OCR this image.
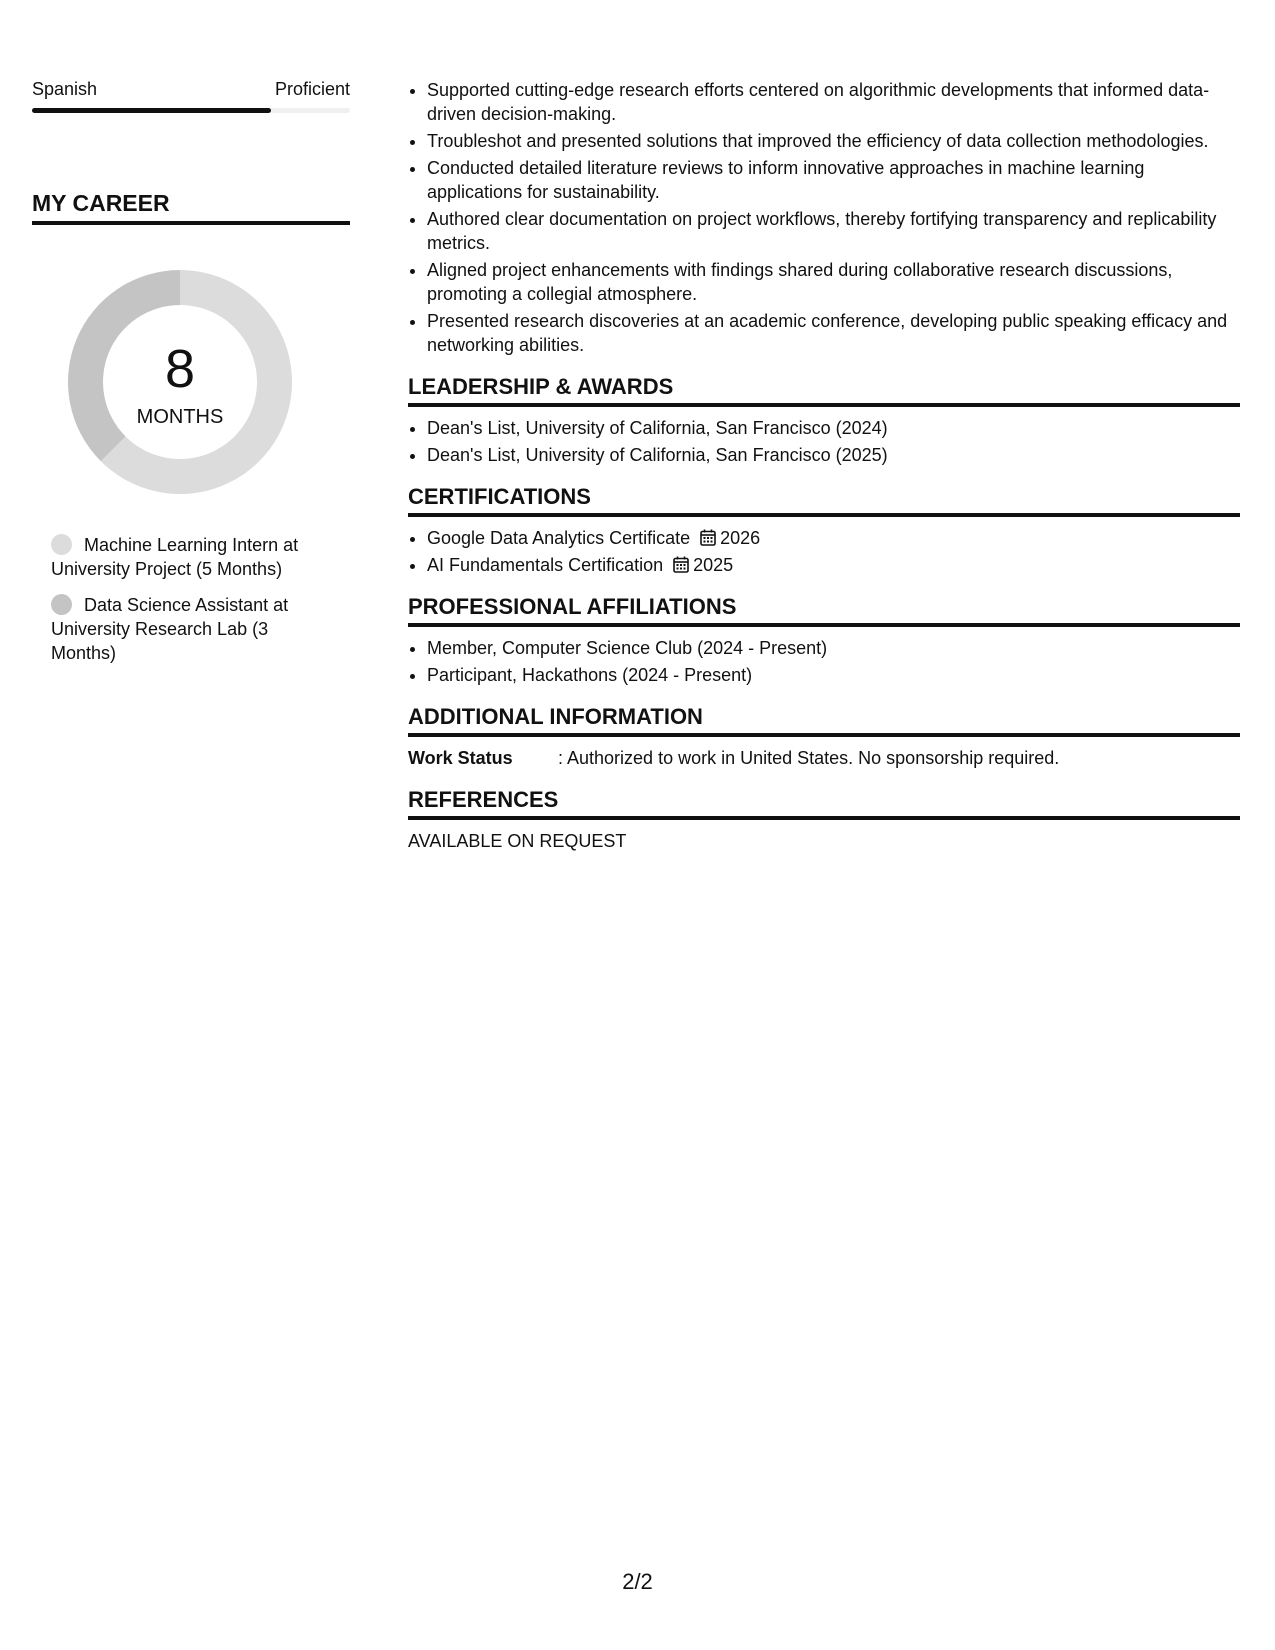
Spanish	Proficient
MY CAREER
8
MONTHS
Machine Learning Intern at University Project (5 Months)
Data Science Assistant at University Research Lab (3 Months)
• Supported cutting-edge research efforts centered on algorithmic developments that informed data-driven decision-making.
• Troubleshot and presented solutions that improved the efficiency of data collection methodologies.
• Conducted detailed literature reviews to inform innovative approaches in machine learning applications for sustainability.
• Authored clear documentation on project workflows, thereby fortifying transparency and replicability metrics.
• Aligned project enhancements with findings shared during collaborative research discussions, promoting a collegial atmosphere.
• Presented research discoveries at an academic conference, developing public speaking efficacy and networking abilities.
LEADERSHIP & AWARDS
• Dean's List, University of California, San Francisco (2024)
• Dean's List, University of California, San Francisco (2025)
CERTIFICATIONS
• Google Data Analytics Certificate 2026
• AI Fundamentals Certification 2025
PROFESSIONAL AFFILIATIONS
• Member, Computer Science Club (2024 - Present)
• Participant, Hackathons (2024 - Present)
ADDITIONAL INFORMATION
Work Status	: Authorized to work in United States. No sponsorship required.
REFERENCES
AVAILABLE ON REQUEST
2/2
